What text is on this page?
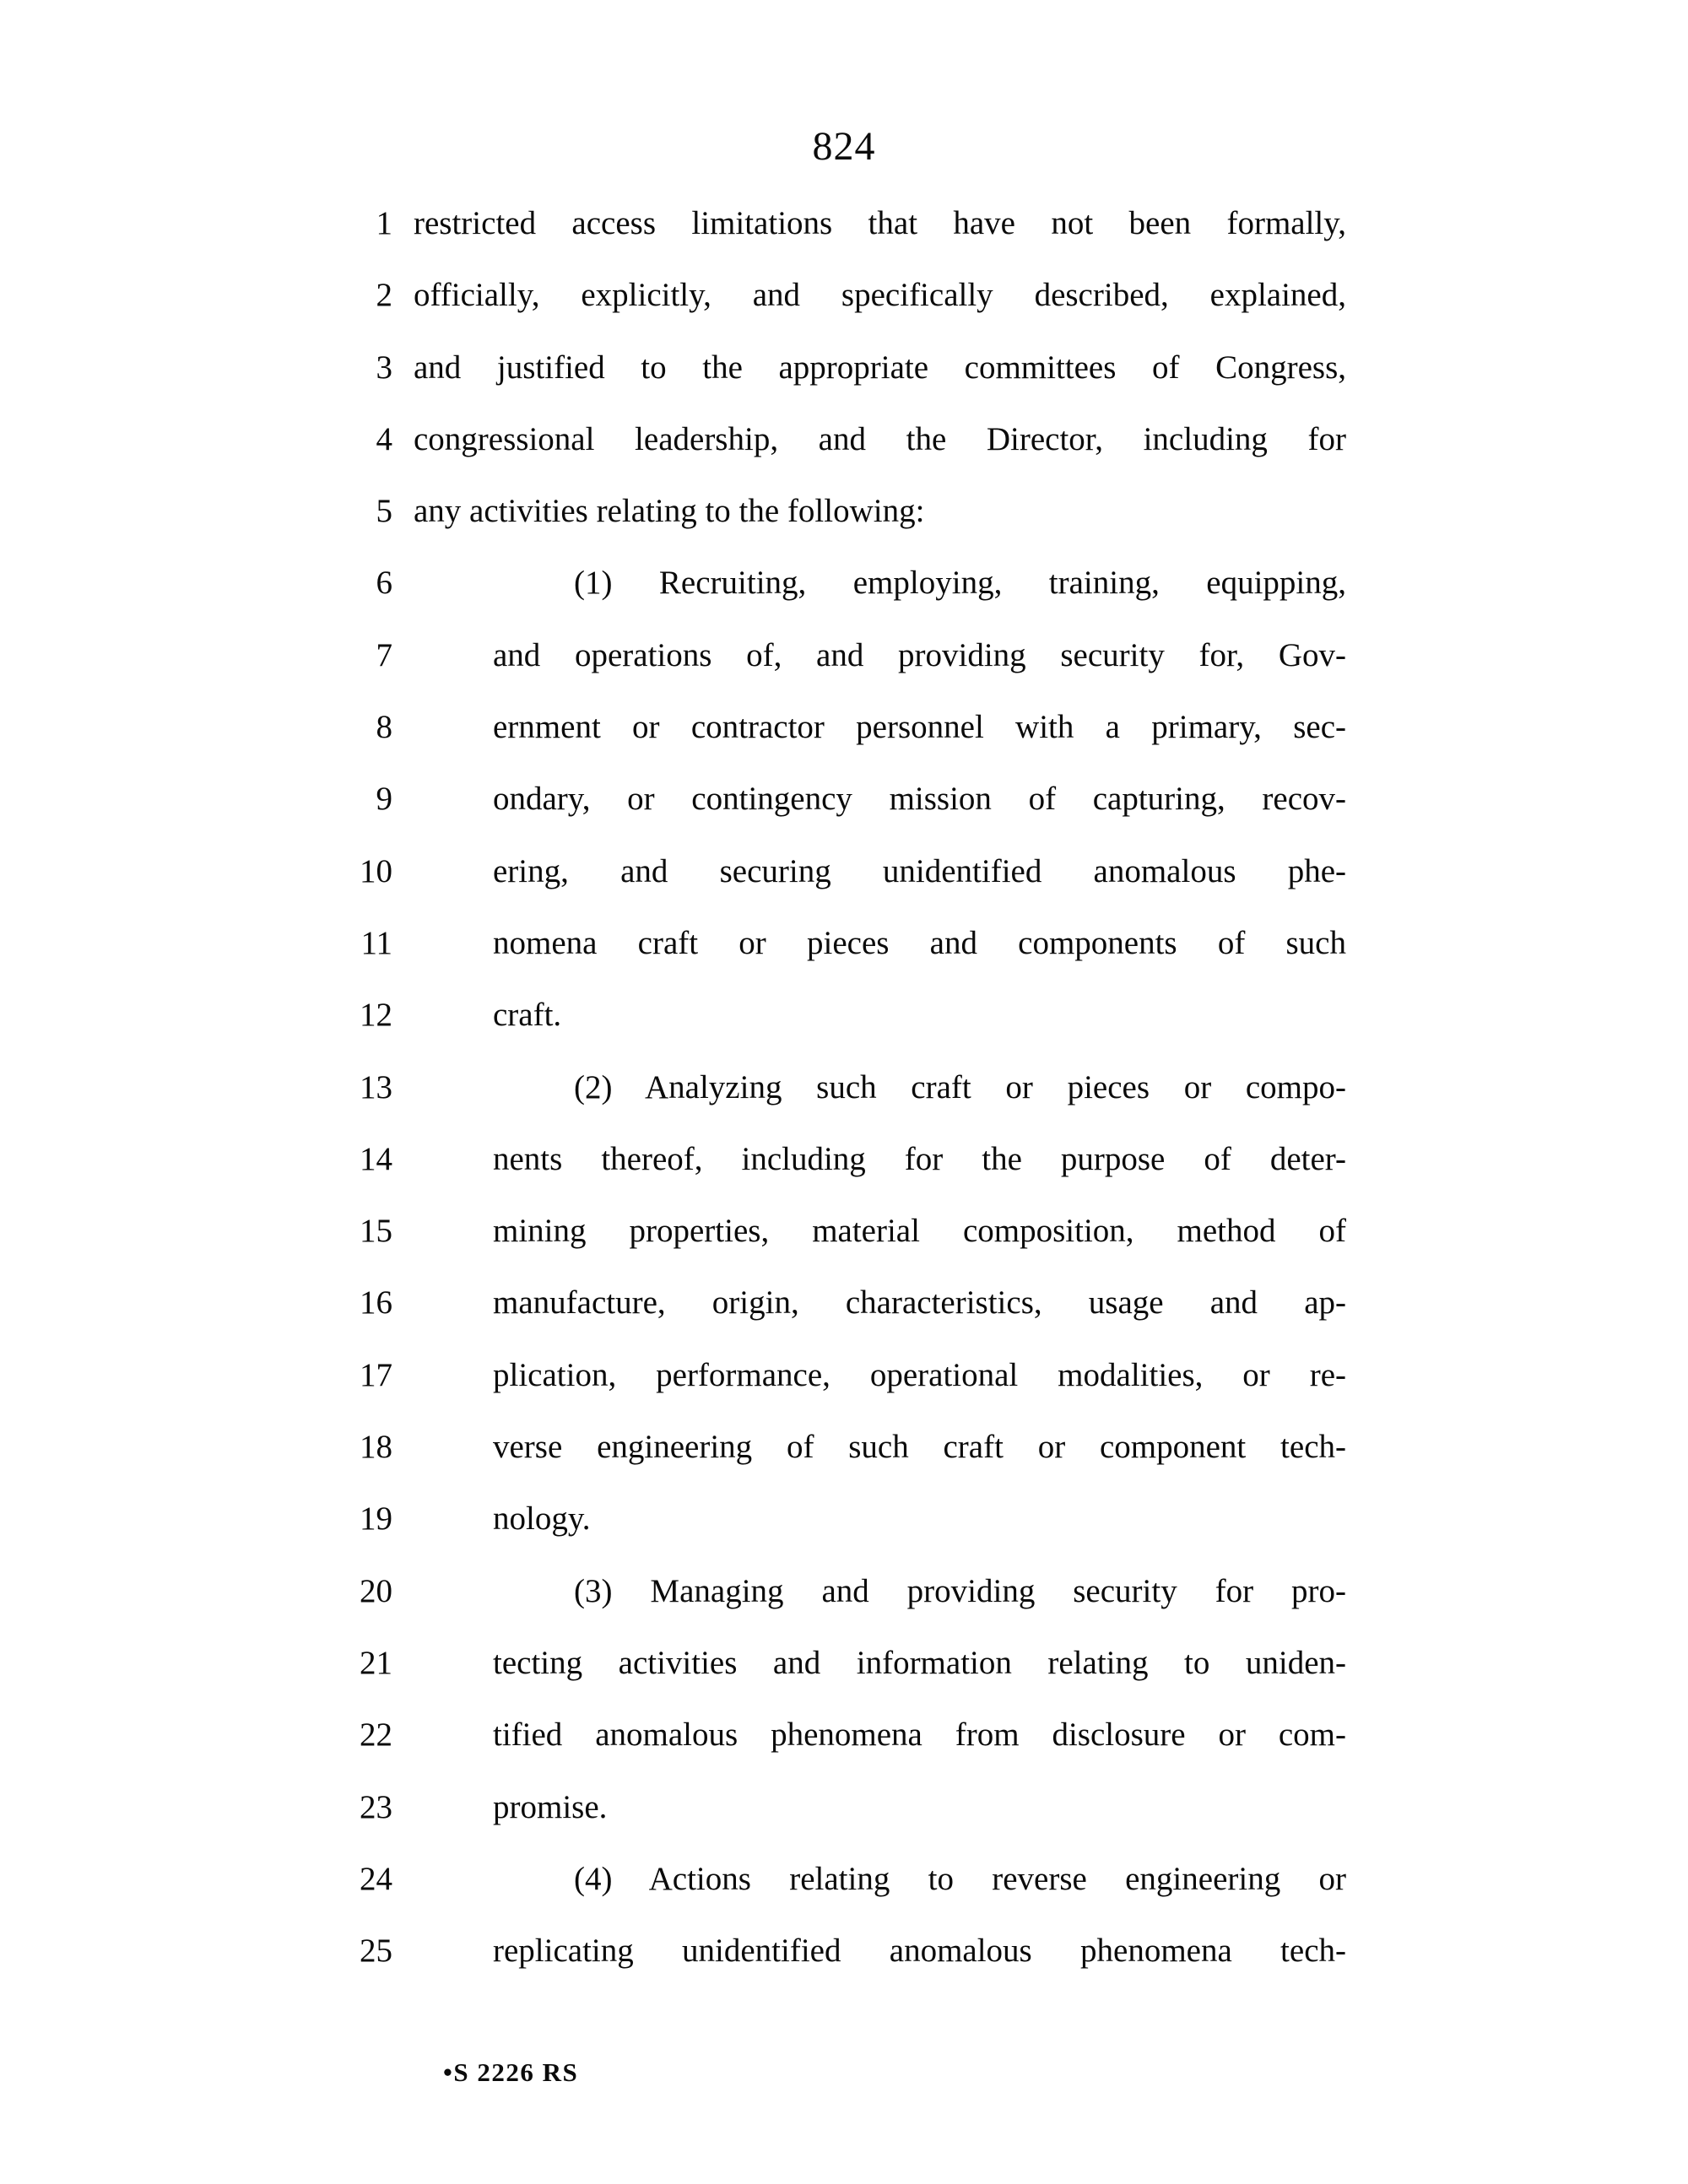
824
1 restricted access limitations that have not been formally,
2 officially, explicitly, and specifically described, explained,
3 and justified to the appropriate committees of Congress,
4 congressional leadership, and the Director, including for
5 any activities relating to the following:
6	(1) Recruiting, employing, training, equipping,
7	and operations of, and providing security for, Gov-
8	ernment or contractor personnel with a primary, sec-
9	ondary, or contingency mission of capturing, recov-
10	ering, and securing unidentified anomalous phe-
11	nomena craft or pieces and components of such
12	craft.
13	(2) Analyzing such craft or pieces or compo-
14	nents thereof, including for the purpose of deter-
15	mining properties, material composition, method of
16	manufacture, origin, characteristics, usage and ap-
17	plication, performance, operational modalities, or re-
18	verse engineering of such craft or component tech-
19	nology.
20	(3) Managing and providing security for pro-
21	tecting activities and information relating to uniden-
22	tified anomalous phenomena from disclosure or com-
23	promise.
24	(4) Actions relating to reverse engineering or
25	replicating unidentified anomalous phenomena tech-
•S 2226 RS
